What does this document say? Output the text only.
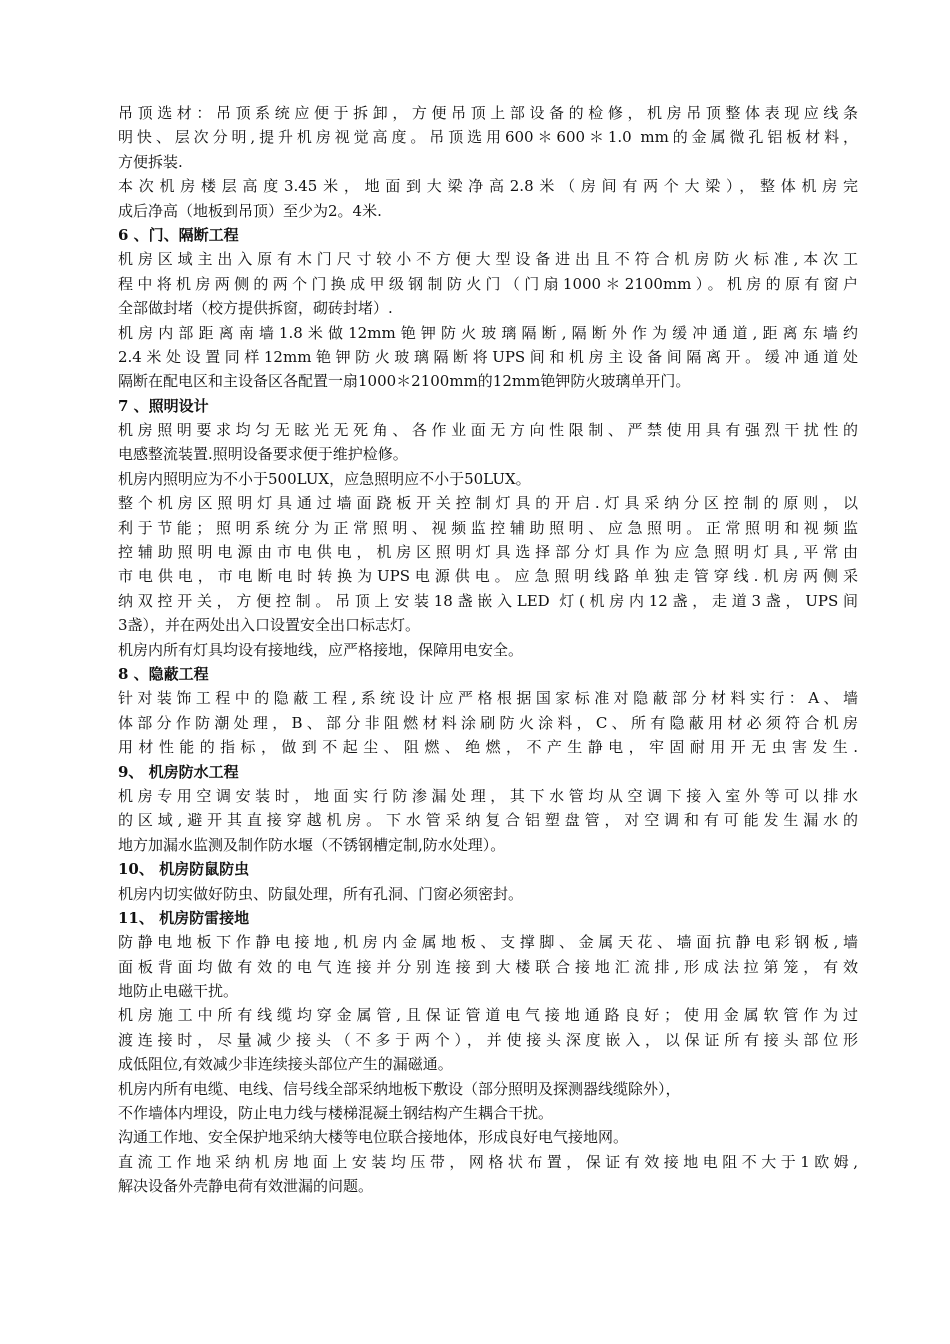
吊顶选材：吊顶系统应便于拆卸，方便吊顶上部设备的检修，机房吊顶整体表现应线条
明快、层次分明,提升机房视觉高度。吊顶选用600＊600＊1.0 mm的金属微孔铝板材料，
方便拆装.
本次机房楼层高度3.45米，地面到大梁净高2.8米（房间有两个大梁），整体机房完
成后净高（地板到吊顶）至少为2。4米.
6 、门、隔断工程
机房区域主出入原有木门尺寸较小不方便大型设备进出且不符合机房防火标准,本次工
程中将机房两侧的两个门换成甲级钢制防火门（门扇1000＊2100mm）。机房的原有窗户
全部做封堵（校方提供拆窗，砌砖封堵）.
机房内部距离南墙1.8米做12mm铯钾防火玻璃隔断,隔断外作为缓冲通道,距离东墙约
2.4米处设置同样12mm铯钾防火玻璃隔断将UPS间和机房主设备间隔离开。缓冲通道处
隔断在配电区和主设备区各配置一扇1000＊2100mm的12mm铯钾防火玻璃单开门。
7 、照明设计
机房照明要求均匀无眩光无死角、各作业面无方向性限制、严禁使用具有强烈干扰性的
电感整流装置.照明设备要求便于维护检修。
机房内照明应为不小于500LUX，应急照明应不小于50LUX。
整个机房区照明灯具通过墙面跷板开关控制灯具的开启.灯具采纳分区控制的原则，以
利于节能；照明系统分为正常照明、视频监控辅助照明、应急照明。正常照明和视频监
控辅助照明电源由市电供电，机房区照明灯具选择部分灯具作为应急照明灯具,平常由
市电供电，市电断电时转换为UPS电源供电。应急照明线路单独走管穿线.机房两侧采
纳双控开关，方便控制。吊顶上安装18盏嵌入LED 灯(机房内12盏，走道3盏，UPS间
3盏），并在两处出入口设置安全出口标志灯。
机房内所有灯具均设有接地线，应严格接地，保障用电安全。
8 、隐蔽工程
针对装饰工程中的隐蔽工程,系统设计应严格根据国家标准对隐蔽部分材料实行：A、墙
体部分作防潮处理，B、部分非阻燃材料涂刷防火涂料，C、所有隐蔽用材必须符合机房
用材性能的指标，做到不起尘、阻燃、绝燃，不产生静电，牢固耐用开无虫害发生.
9、 机房防水工程
机房专用空调安装时，地面实行防渗漏处理，其下水管均从空调下接入室外等可以排水
的区域,避开其直接穿越机房。下水管采纳复合铝塑盘管，对空调和有可能发生漏水的
地方加漏水监测及制作防水堰（不锈钢槽定制,防水处理）。
10、 机房防鼠防虫
机房内切实做好防虫、防鼠处理，所有孔洞、门窗必须密封。
11、 机房防雷接地
防静电地板下作静电接地,机房内金属地板、支撑脚、金属天花、墙面抗静电彩钢板,墙
面板背面均做有效的电气连接并分别连接到大楼联合接地汇流排,形成法拉第笼，有效
地防止电磁干扰。
机房施工中所有线缆均穿金属管,且保证管道电气接地通路良好；使用金属软管作为过
渡连接时，尽量减少接头（不多于两个），并使接头深度嵌入，以保证所有接头部位形
成低阻位,有效减少非连续接头部位产生的漏磁通。
机房内所有电缆、电线、信号线全部采纳地板下敷设（部分照明及探测器线缆除外），
不作墙体内埋设，防止电力线与楼梯混凝土钢结构产生耦合干扰。
沟通工作地、安全保护地采纳大楼等电位联合接地体，形成良好电气接地网。
直流工作地采纳机房地面上安装均压带，网格状布置，保证有效接地电阻不大于1欧姆,
解决设备外壳静电荷有效泄漏的问题。
